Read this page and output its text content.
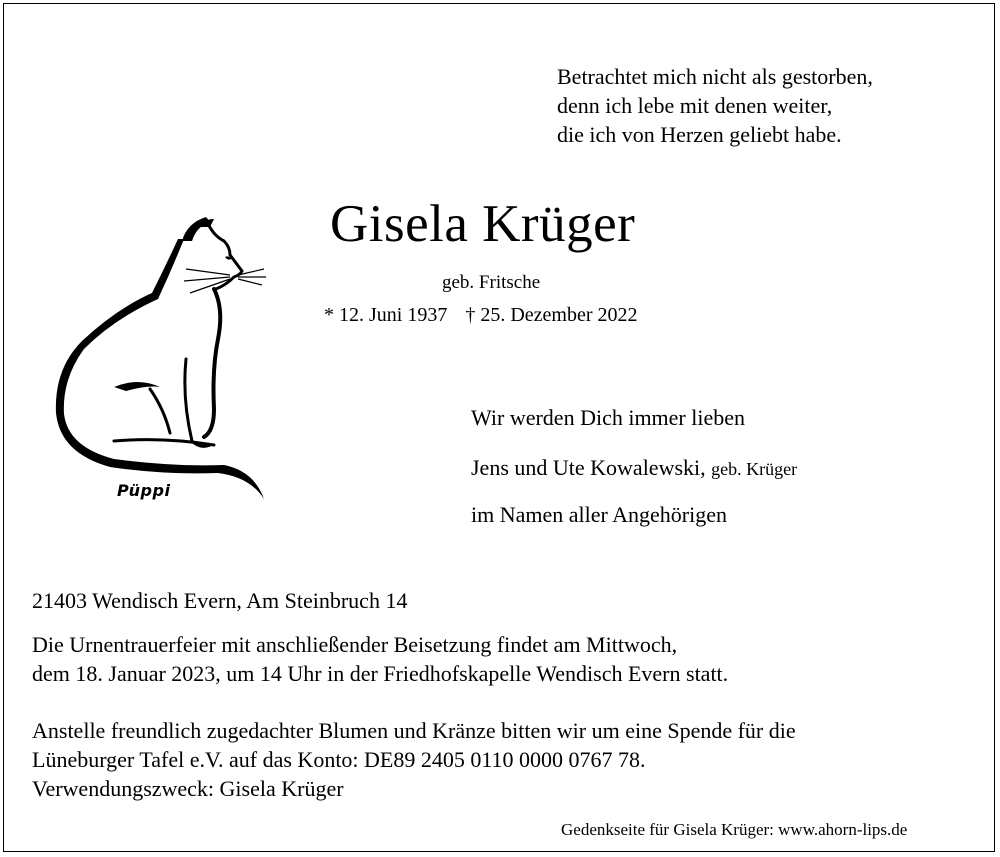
Betrachtet mich nicht als gestorben,
denn ich lebe mit denen weiter,
die ich von Herzen geliebt habe.
Gisela Krüger
geb. Fritsche
* 12. Juni 1937 † 25. Dezember 2022
Püppi
Wir werden Dich immer lieben
Jens und Ute Kowalewski, geb. Krüger
im Namen aller Angehörigen
21403 Wendisch Evern, Am Steinbruch 14
Die Urnentrauerfeier mit anschließender Beisetzung findet am Mittwoch,
dem 18. Januar 2023, um 14 Uhr in der Friedhofskapelle Wendisch Evern statt.
Anstelle freundlich zugedachter Blumen und Kränze bitten wir um eine Spende für die
Lüneburger Tafel e.V. auf das Konto: DE89 2405 0110 0000 0767 78.
Verwendungszweck: Gisela Krüger
Gedenkseite für Gisela Krüger: www.ahorn-lips.de
